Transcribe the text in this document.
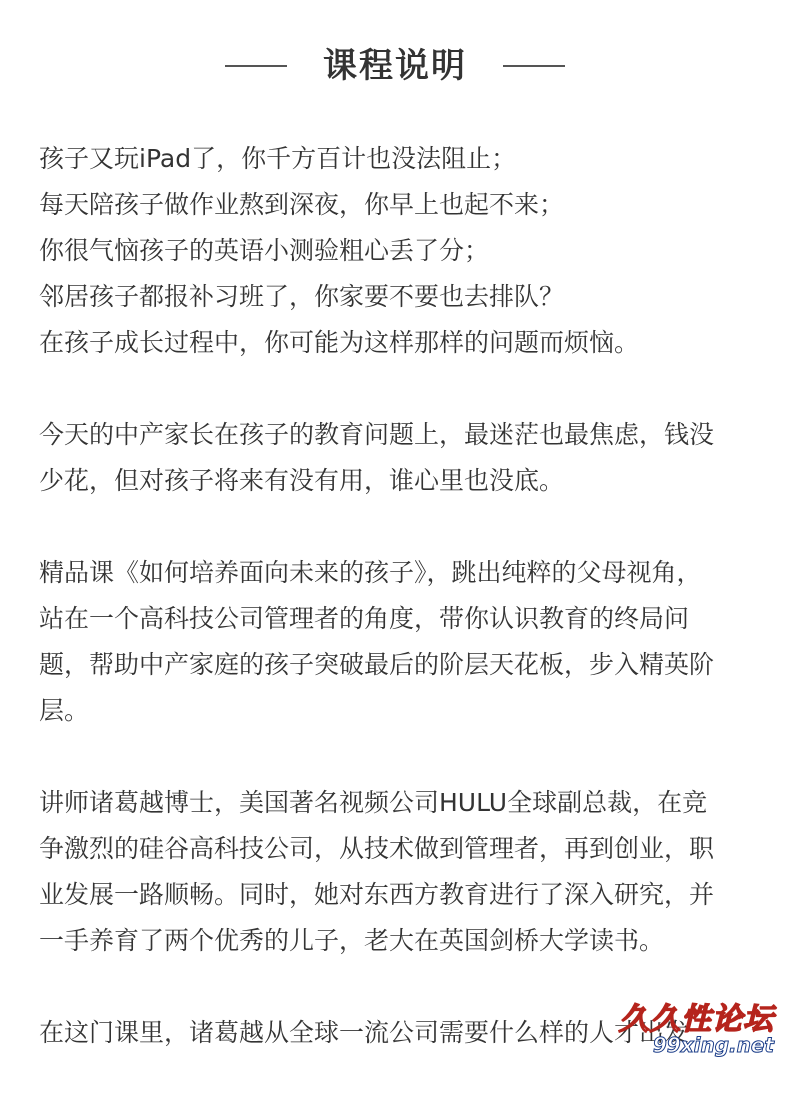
课程说明

孩子又玩iPad了，你千方百计也没法阻止；
每天陪孩子做作业熬到深夜，你早上也起不来；
你很气恼孩子的英语小测验粗心丢了分；
邻居孩子都报补习班了，你家要不要也去排队？
在孩子成长过程中，你可能为这样那样的问题而烦恼。

今天的中产家长在孩子的教育问题上，最迷茫也最焦虑，钱没
少花，但对孩子将来有没有用，谁心里也没底。

精品课《如何培养面向未来的孩子》，跳出纯粹的父母视角，
站在一个高科技公司管理者的角度，带你认识教育的终局问
题，帮助中产家庭的孩子突破最后的阶层天花板，步入精英阶
层。

讲师诸葛越博士，美国著名视频公司HULU全球副总裁，在竞
争激烈的硅谷高科技公司，从技术做到管理者，再到创业，职
业发展一路顺畅。同时，她对东西方教育进行了深入研究，并
一手养育了两个优秀的儿子，老大在英国剑桥大学读书。

在这门课里，诸葛越从全球一流公司需要什么样的人才出发

久久性论坛
99xing.net
